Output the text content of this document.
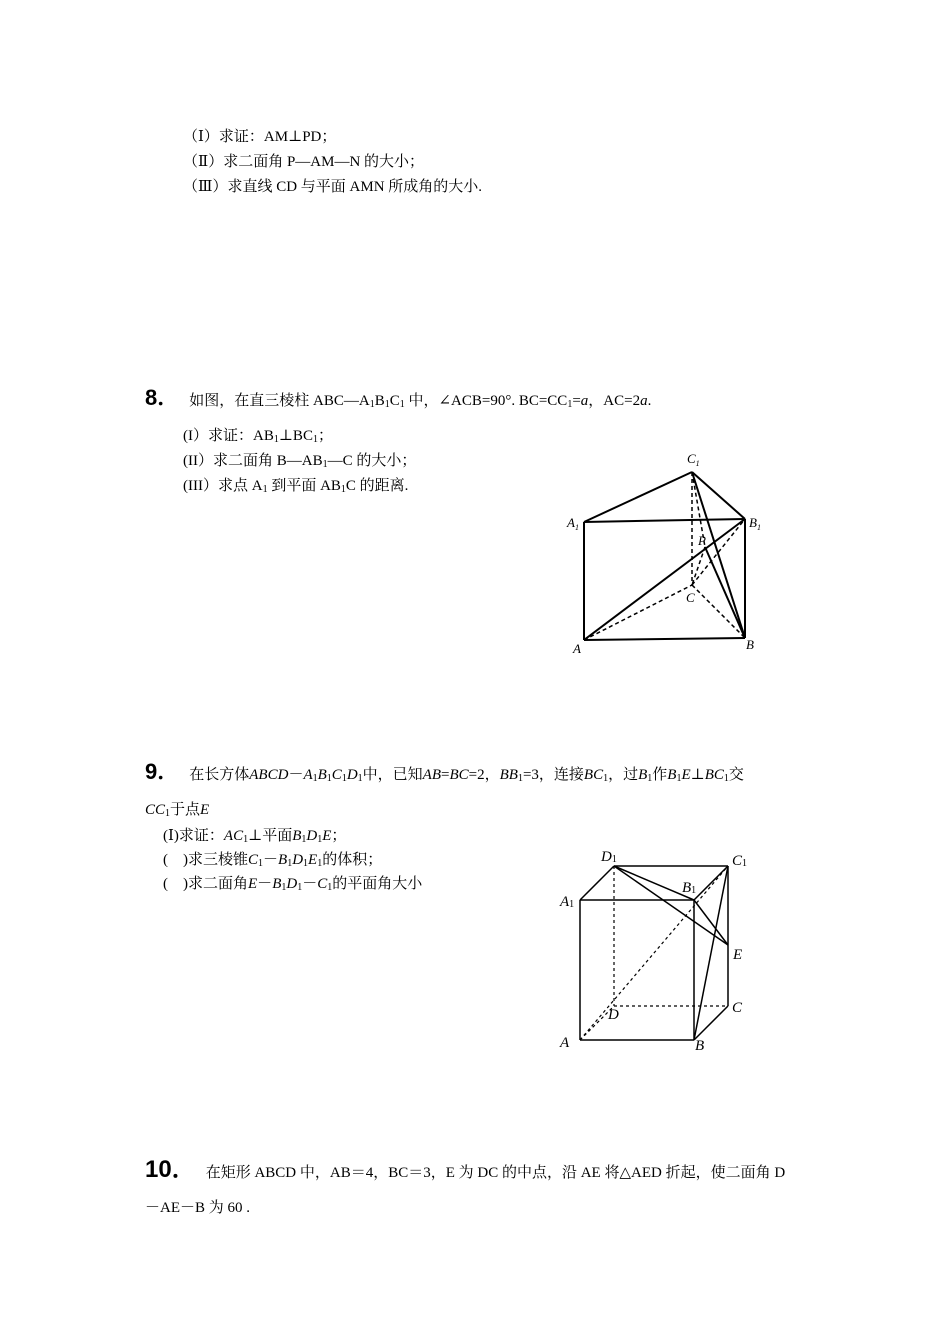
（Ⅰ）求证：AM⊥PD；
（Ⅱ）求二面角 P—AM—N 的大小；
（Ⅲ）求直线 CD 与平面 AMN 所成角的大小.
8． 如图，在直三棱柱 $ABC—A_1B_1C_1$ 中，∠ACB=90°. $BC=CC_1=a$，AC=2a.
(I）求证：$AB_1\perp BC_1$；
(II）求二面角 $B—AB_1—C$ 的大小；
(III）求点 $A_1$ 到平面 $AB_1C$ 的距离.
$C_1$
$A_1$	$B_1$
P
C
A	B
9． 在长方体$ABCD-A_1B_1C_1D_1$中，已知AB=BC=2，$BB_1=3$，连接$BC_1$，过$B_1$作$B_1E\perp BC_1$交
$CC_1$于点E
(Ⅰ)求证：$AC_1\perp$平面$B_1D_1E$；
(　)求三棱锥$C_1-B_1D_1E_1$的体积；
(　)求二面角$E-B_1D_1-C_1$的平面角大小
D1	C1
A1
B1
E
C
D
A	B
10． 在矩形 ABCD 中，AB＝4，BC＝3，E 为 DC 的中点，沿 AE 将△AED 折起，使二面角 D
－AE－B 为 60 .
